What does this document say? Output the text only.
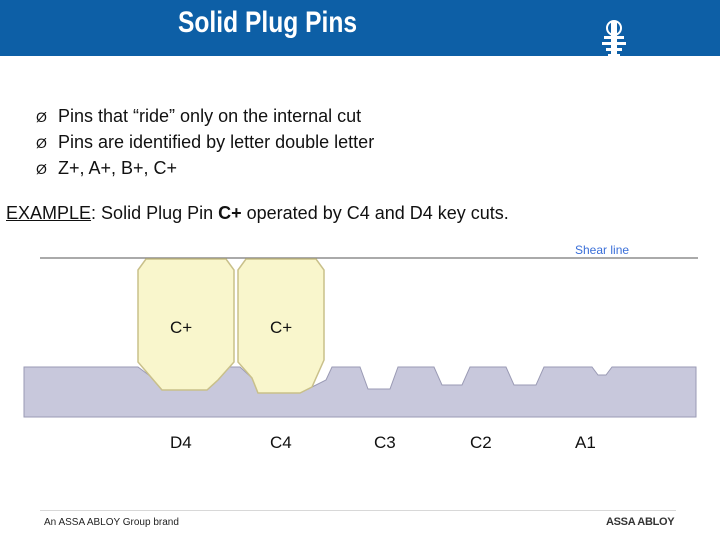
Solid Plug Pins
MUL-T-LOCK
Ø Pins that “ride” only on the internal cut
Ø Pins are identified by letter double letter
Ø Z+, A+, B+, C+
EXAMPLE: Solid Plug Pin C+ operated by C4 and D4 key cuts.
Shear line
C+	C+
D4	C4	C3	C2	A1
An ASSA ABLOY Group brand	ASSA ABLOY
